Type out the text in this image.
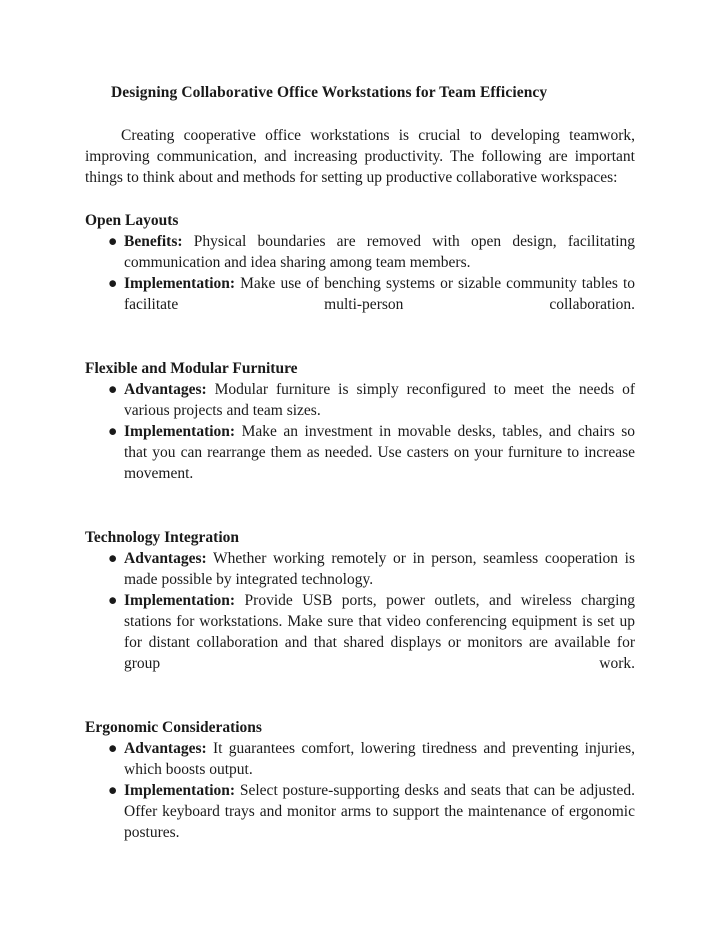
Designing Collaborative Office Workstations for Team Efficiency

Creating cooperative office workstations is crucial to developing teamwork, improving communication, and increasing productivity. The following are important things to think about and methods for setting up productive collaborative workspaces:

Open Layouts
● Benefits: Physical boundaries are removed with open design, facilitating communication and idea sharing among team members.
● Implementation: Make use of benching systems or sizable community tables to facilitate multi-person collaboration.
Flexible and Modular Furniture
● Advantages: Modular furniture is simply reconfigured to meet the needs of various projects and team sizes.
● Implementation: Make an investment in movable desks, tables, and chairs so that you can rearrange them as needed. Use casters on your furniture to increase movement.
Technology Integration
● Advantages: Whether working remotely or in person, seamless cooperation is made possible by integrated technology.
● Implementation: Provide USB ports, power outlets, and wireless charging stations for workstations. Make sure that video conferencing equipment is set up for distant collaboration and that shared displays or monitors are available for group work.
Ergonomic Considerations
● Advantages: It guarantees comfort, lowering tiredness and preventing injuries, which boosts output.
● Implementation: Select posture-supporting desks and seats that can be adjusted. Offer keyboard trays and monitor arms to support the maintenance of ergonomic postures.
